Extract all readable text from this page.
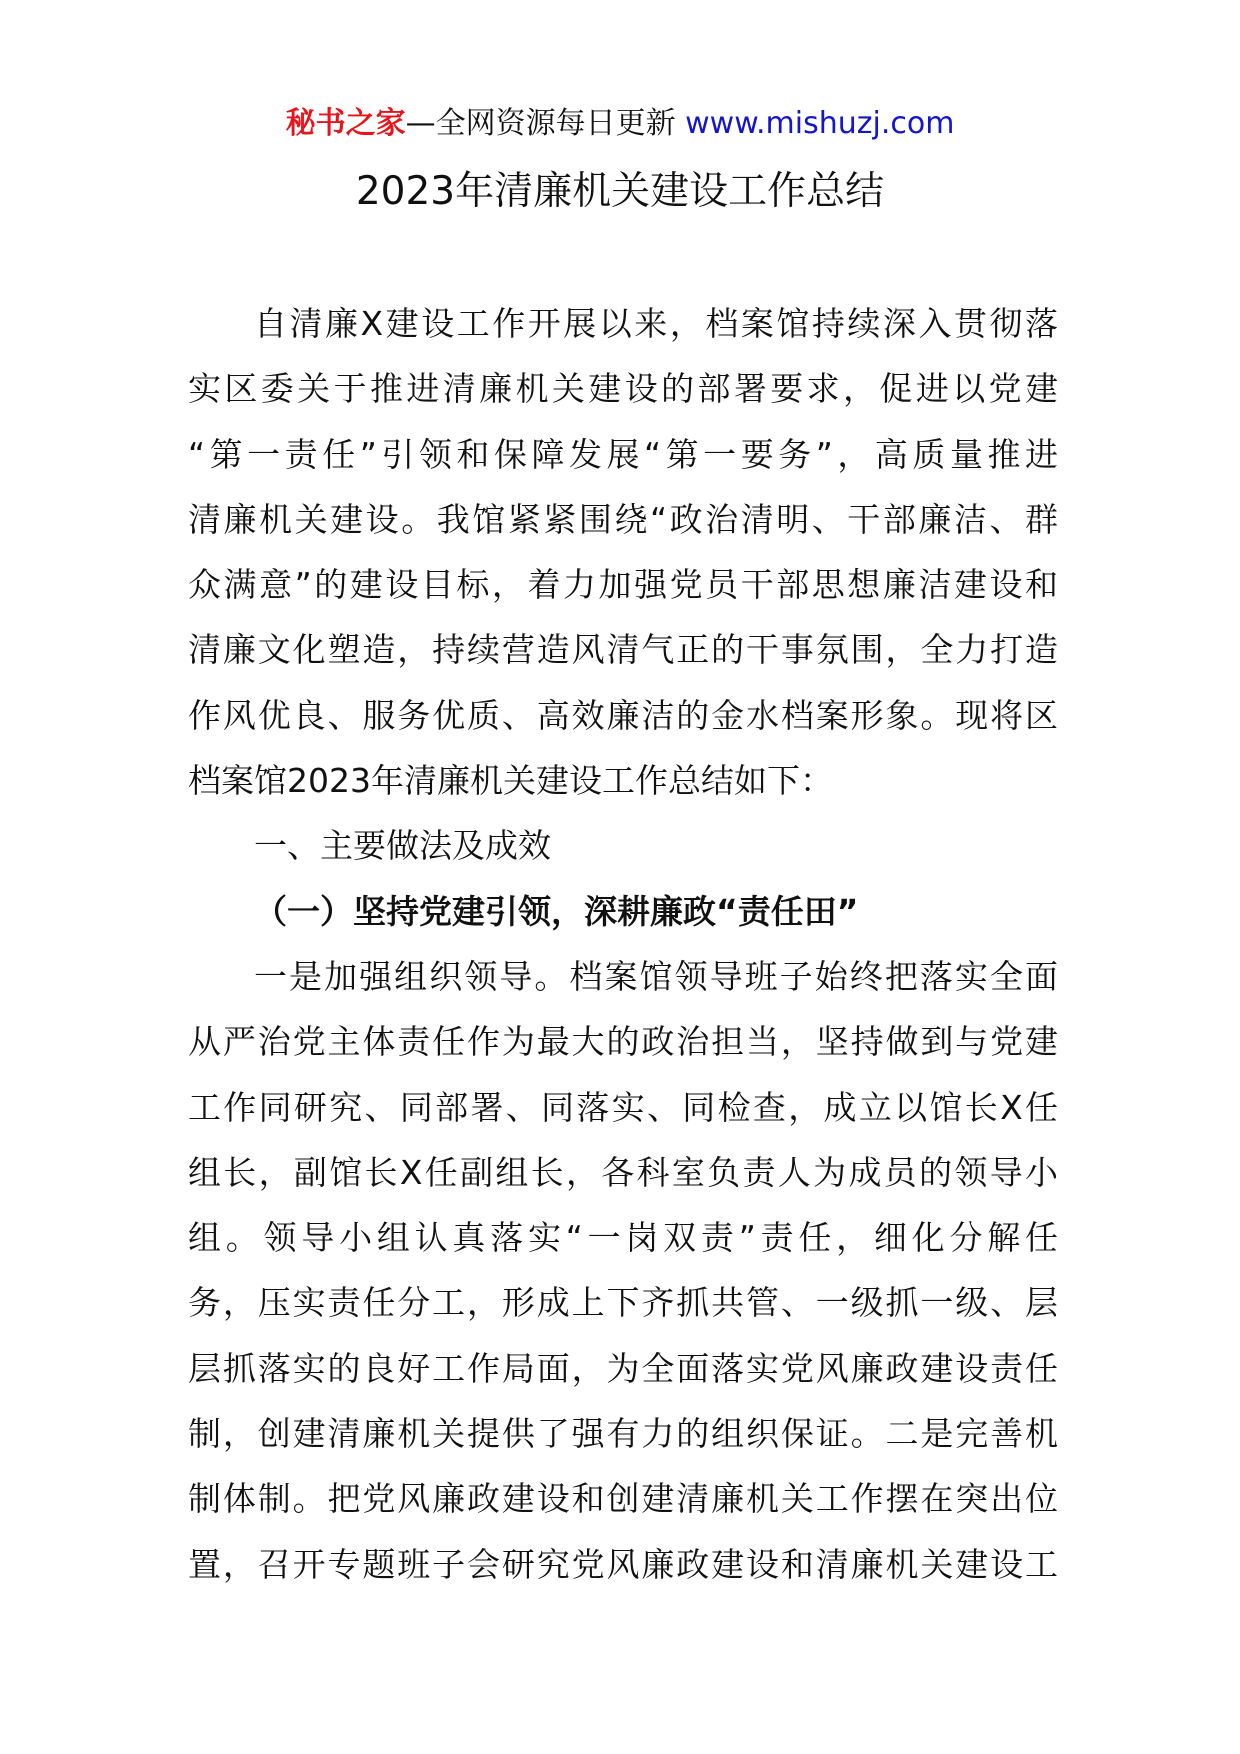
秘书之家—全网资源每日更新 www.mishuzj.com
2023年清廉机关建设工作总结
自清廉X建设工作开展以来，档案馆持续深入贯彻落
实区委关于推进清廉机关建设的部署要求，促进以党建
“第一责任”引领和保障发展“第一要务”，高质量推进
清廉机关建设。我馆紧紧围绕“政治清明、干部廉洁、群
众满意”的建设目标，着力加强党员干部思想廉洁建设和
清廉文化塑造，持续营造风清气正的干事氛围，全力打造
作风优良、服务优质、高效廉洁的金水档案形象。现将区
档案馆2023年清廉机关建设工作总结如下：
一、主要做法及成效
（一）坚持党建引领，深耕廉政“责任田”
一是加强组织领导。档案馆领导班子始终把落实全面
从严治党主体责任作为最大的政治担当，坚持做到与党建
工作同研究、同部署、同落实、同检查，成立以馆长X任
组长，副馆长X任副组长，各科室负责人为成员的领导小
组。领导小组认真落实“一岗双责”责任，细化分解任
务，压实责任分工，形成上下齐抓共管、一级抓一级、层
层抓落实的良好工作局面，为全面落实党风廉政建设责任
制，创建清廉机关提供了强有力的组织保证。二是完善机
制体制。把党风廉政建设和创建清廉机关工作摆在突出位
置，召开专题班子会研究党风廉政建设和清廉机关建设工
